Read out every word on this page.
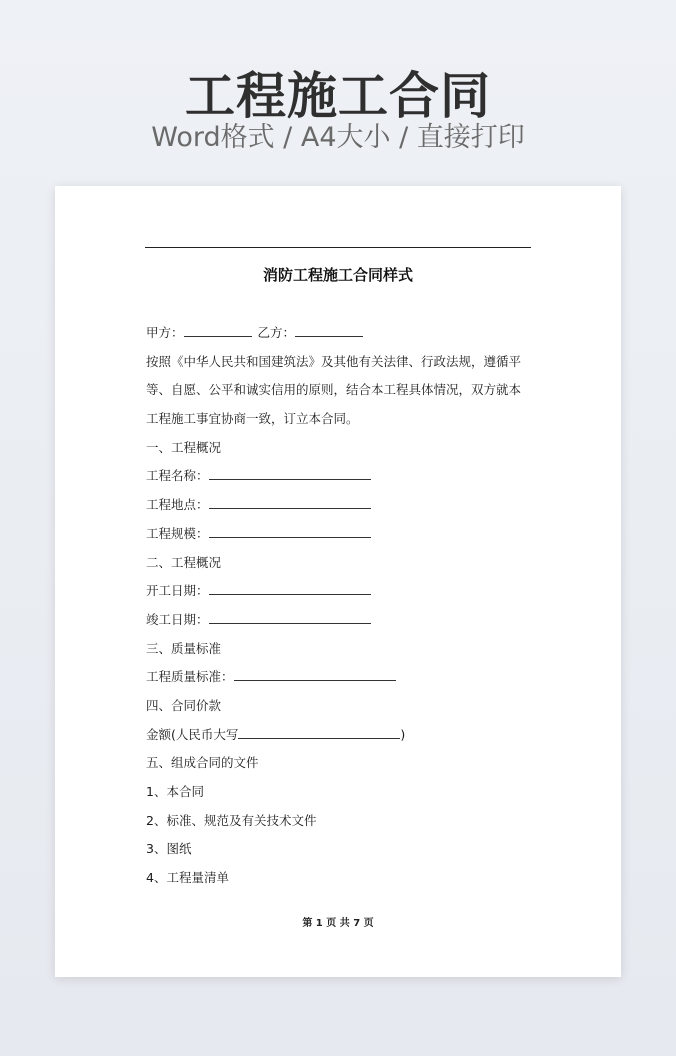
工程施工合同
Word格式 / A4大小 / 直接打印
消防工程施工合同样式
甲方：	乙方：
按照《中华人民共和国建筑法》及其他有关法律、行政法规，遵循平
等、自愿、公平和诚实信用的原则，结合本工程具体情况，双方就本
工程施工事宜协商一致，订立本合同。
一、工程概况
工程名称：
工程地点：
工程规模：
二、工程概况
开工日期：
竣工日期：
三、质量标准
工程质量标准：
四、合同价款
金额(人民币大写	)
五、组成合同的文件
1、本合同
2、标准、规范及有关技术文件
3、图纸
4、工程量清单
第 1 页 共 7 页
